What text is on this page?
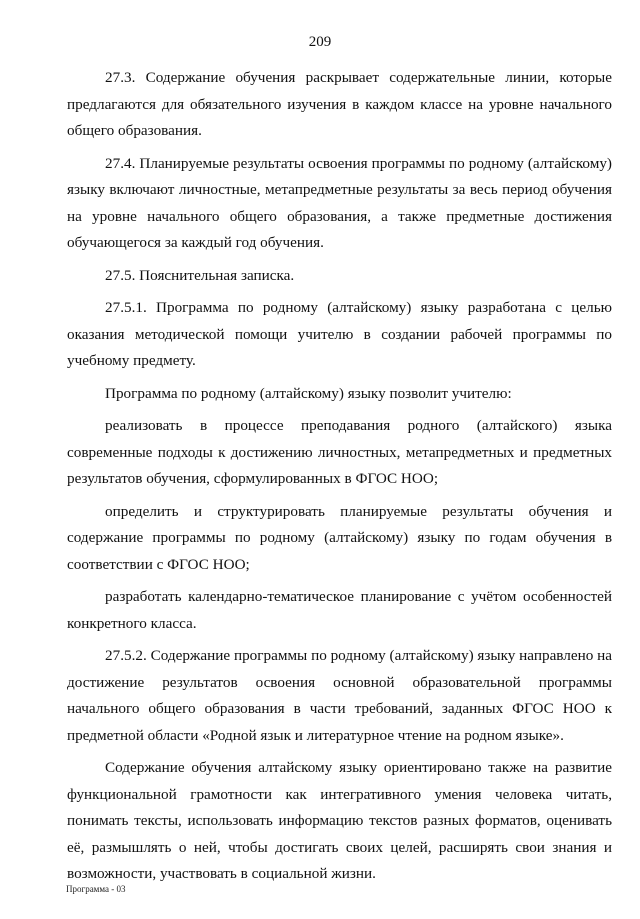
209

27.3. Содержание обучения раскрывает содержательные линии, которые предлагаются для обязательного изучения в каждом классе на уровне начального общего образования.

27.4. Планируемые результаты освоения программы по родному (алтайскому) языку включают личностные, метапредметные результаты за весь период обучения на уровне начального общего образования, а также предметные достижения обучающегося за каждый год обучения.

27.5. Пояснительная записка.

27.5.1. Программа по родному (алтайскому) языку разработана с целью оказания методической помощи учителю в создании рабочей программы по учебному предмету.

Программа по родному (алтайскому) языку позволит учителю:

реализовать в процессе преподавания родного (алтайского) языка современные подходы к достижению личностных, метапредметных и предметных результатов обучения, сформулированных в ФГОС НОО;

определить и структурировать планируемые результаты обучения и содержание программы по родному (алтайскому) языку по годам обучения в соответствии с ФГОС НОО;

разработать календарно-тематическое планирование с учётом особенностей конкретного класса.

27.5.2. Содержание программы по родному (алтайскому) языку направлено на достижение результатов освоения основной образовательной программы начального общего образования в части требований, заданных ФГОС НОО к предметной области «Родной язык и литературное чтение на родном языке».

Содержание обучения алтайскому языку ориентировано также на развитие функциональной грамотности как интегративного умения человека читать, понимать тексты, использовать информацию текстов разных форматов, оценивать её, размышлять о ней, чтобы достигать своих целей, расширять свои знания и возможности, участвовать в социальной жизни.

Программа - 03
